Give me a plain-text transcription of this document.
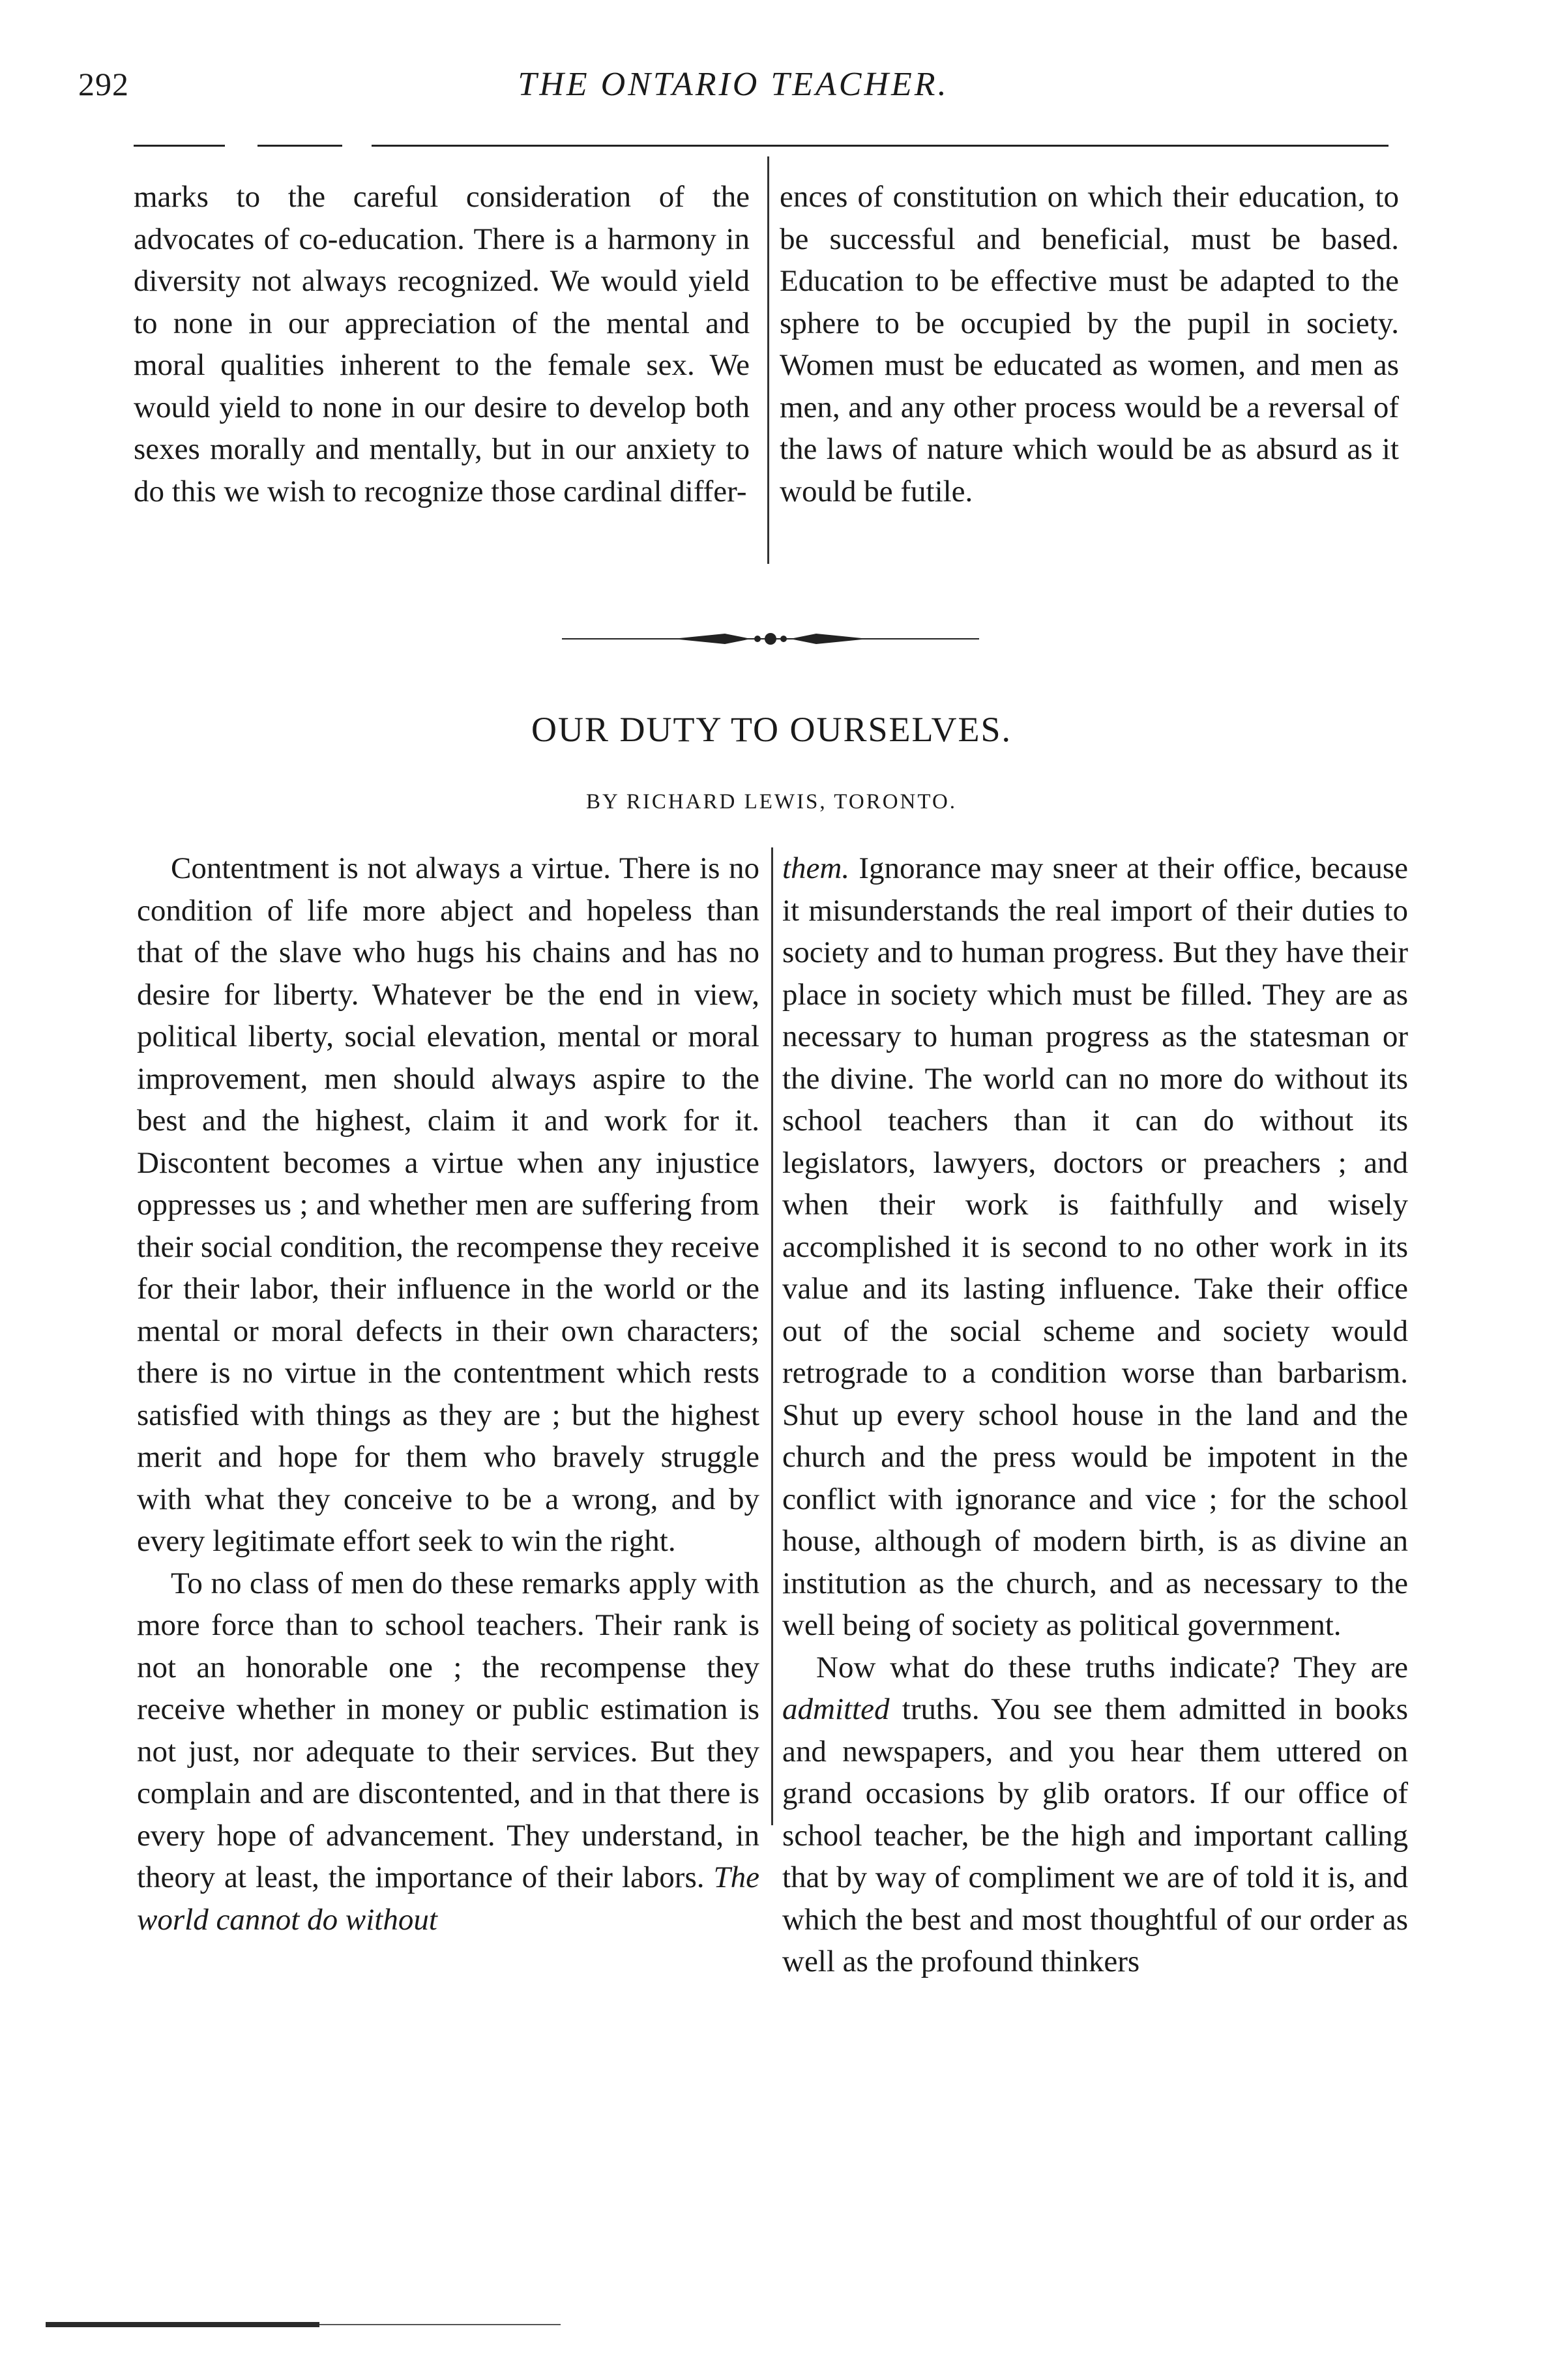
292	THE ONTARIO TEACHER.

marks to the careful consideration of the advocates of co-education. There is a harmony in diversity not always recognized. We would yield to none in our appreciation of the mental and moral qualities inherent to the female sex. We would yield to none in our desire to develop both sexes morally and mentally, but in our anxiety to do this we wish to recognize those cardinal differ-

ences of constitution on which their education, to be successful and beneficial, must be based. Education to be effective must be adapted to the sphere to be occupied by the pupil in society. Women must be educated as women, and men as men, and any other process would be a reversal of the laws of nature which would be as absurd as it would be futile.

OUR DUTY TO OURSELVES.
BY RICHARD LEWIS, TORONTO.

Contentment is not always a virtue. There is no condition of life more abject and hopeless than that of the slave who hugs his chains and has no desire for liberty. Whatever be the end in view, political liberty, social elevation, mental or moral improvement, men should always aspire to the best and the highest, claim it and work for it. Discontent becomes a virtue when any injustice oppresses us ; and whether men are suffering from their social condition, the recompense they receive for their labor, their influence in the world or the mental or moral defects in their own characters; there is no virtue in the contentment which rests satisfied with things as they are ; but the highest merit and hope for them who bravely struggle with what they conceive to be a wrong, and by every legitimate effort seek to win the right.

To no class of men do these remarks apply with more force than to school teachers. Their rank is not an honorable one ; the recompense they receive whether in money or public estimation is not just, nor adequate to their services. But they complain and are discontented, and in that there is every hope of advancement. They understand, in theory at least, the importance of their labors. The world cannot do without

them. Ignorance may sneer at their office, because it misunderstands the real import of their duties to society and to human progress. But they have their place in society which must be filled. They are as necessary to human progress as the statesman or the divine. The world can no more do without its school teachers than it can do without its legislators, lawyers, doctors or preachers ; and when their work is faithfully and wisely accomplished it is second to no other work in its value and its lasting influence. Take their office out of the social scheme and society would retrograde to a condition worse than barbarism. Shut up every school house in the land and the church and the press would be impotent in the conflict with ignorance and vice ; for the school house, although of modern birth, is as divine an institution as the church, and as necessary to the well being of society as political government.

Now what do these truths indicate? They are admitted truths. You see them admitted in books and newspapers, and you hear them uttered on grand occasions by glib orators. If our office of school teacher, be the high and important calling that by way of compliment we are of told it is, and which the best and most thoughtful of our order as well as the profound thinkers
